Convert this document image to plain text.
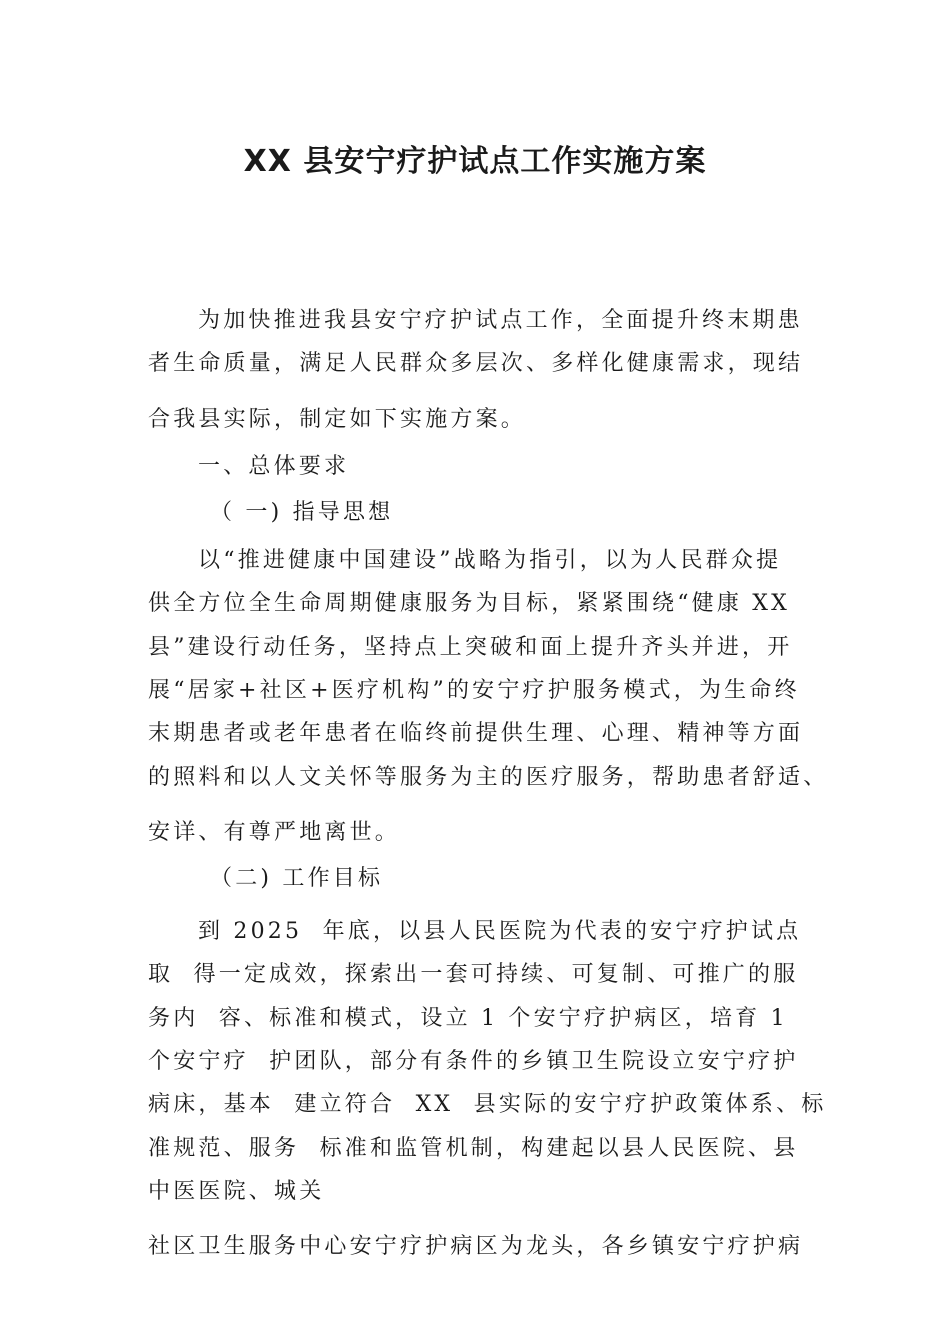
XX 县安宁疗护试点工作实施方案
为加快推进我县安宁疗护试点工作，全面提升终末期患
者生命质量，满足人民群众多层次、多样化健康需求，现结
合我县实际，制定如下实施方案。
一、总体要求
（ 一) 指导思想
以“推进健康中国建设”战略为指引，以为人民群众提
供全方位全生命周期健康服务为目标，紧紧围绕“健康 XX
县”建设行动任务，坚持点上突破和面上提升齐头并进，开
展“居家+社区+医疗机构”的安宁疗护服务模式，为生命终
末期患者或老年患者在临终前提供生理、心理、精神等方面
的照料和以人文关怀等服务为主的医疗服务，帮助患者舒适、
安详、有尊严地离世。
（二) 工作目标
到 2025  年底，以县人民医院为代表的安宁疗护试点
取  得一定成效，探索出一套可持续、可复制、可推广的服
务内  容、标准和模式，设立 1 个安宁疗护病区，培育 1
个安宁疗  护团队，部分有条件的乡镇卫生院设立安宁疗护
病床，基本  建立符合  XX  县实际的安宁疗护政策体系、标
准规范、服务  标准和监管机制，构建起以县人民医院、县
中医医院、城关
社区卫生服务中心安宁疗护病区为龙头，各乡镇安宁疗护病
